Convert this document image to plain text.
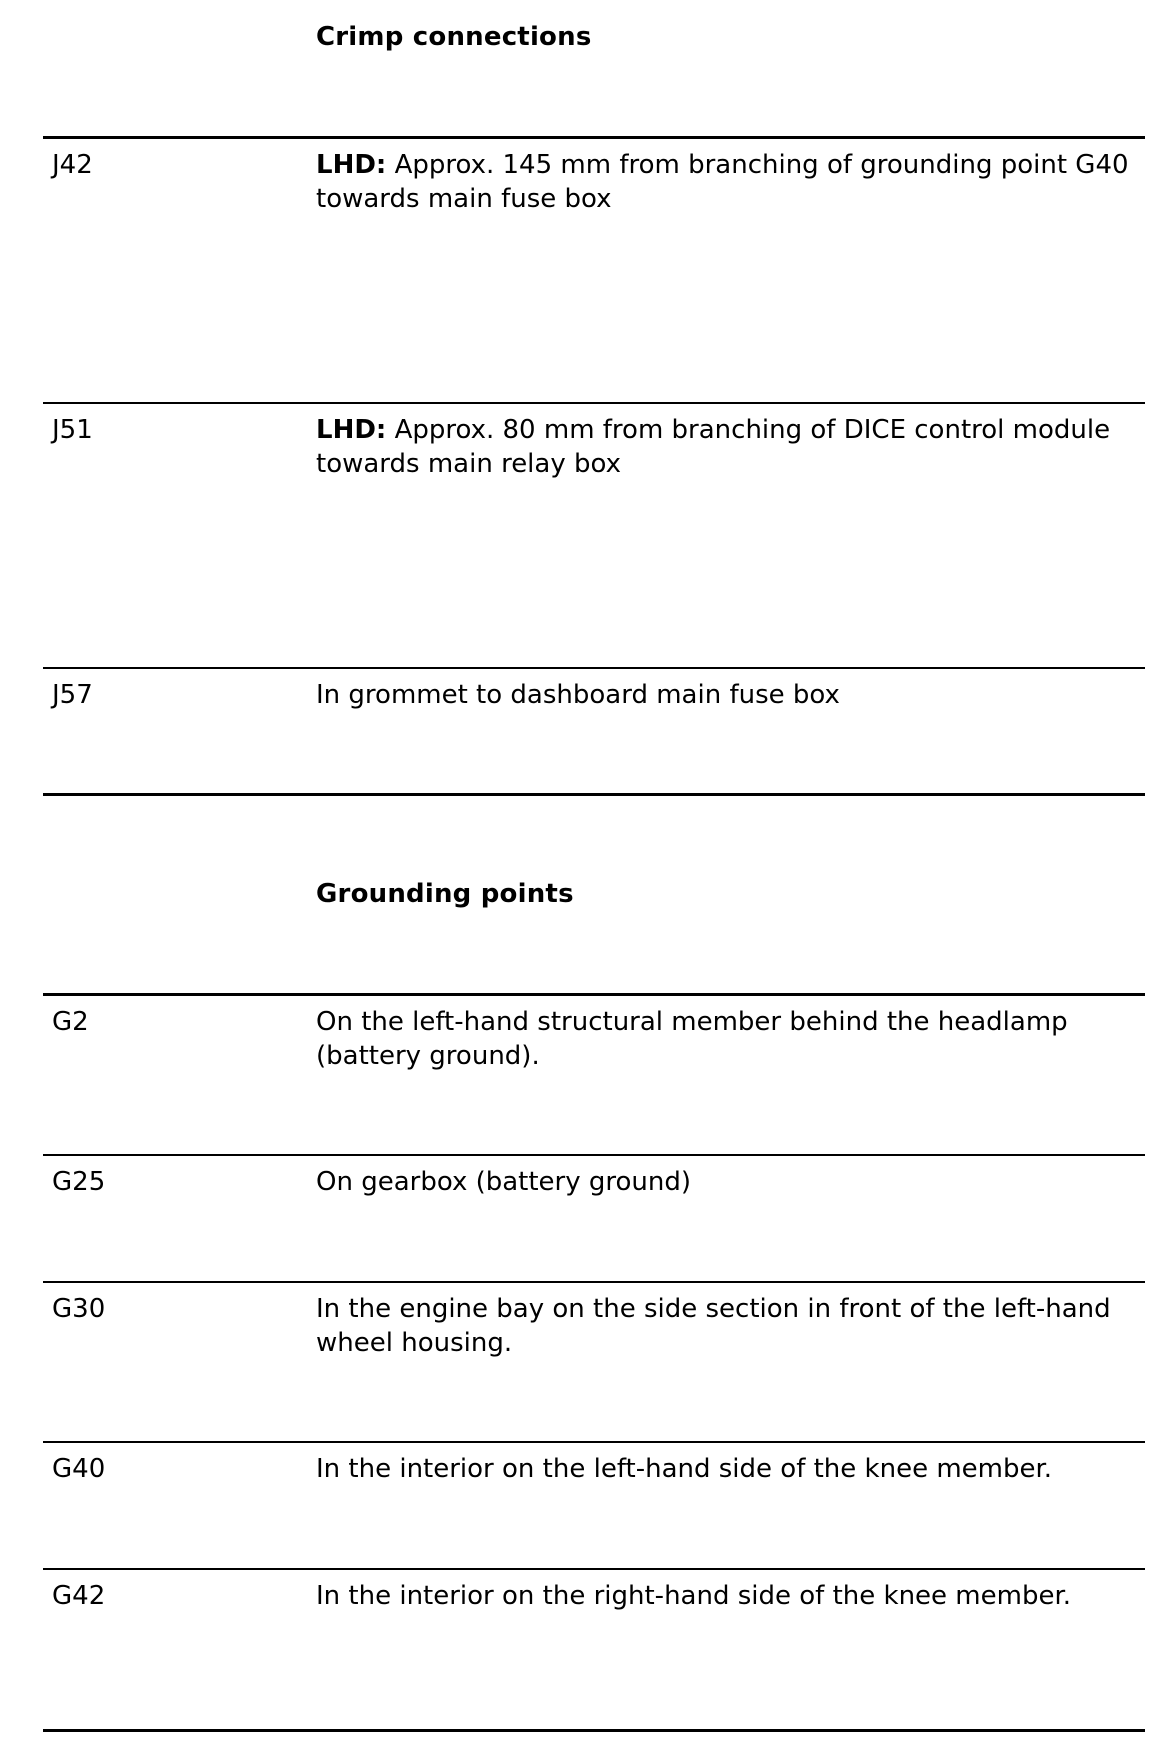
Crimp connections

J42	LHD: Approx. 145 mm from branching of grounding point G40 towards main fuse box

J51	LHD: Approx. 80 mm from branching of DICE control module towards main relay box

J57	In grommet to dashboard main fuse box

Grounding points

G2	On the left-hand structural member behind the headlamp (battery ground).

G25	On gearbox (battery ground)

G30	In the engine bay on the side section in front of the left-hand wheel housing.

G40	In the interior on the left-hand side of the knee member.

G42	In the interior on the right-hand side of the knee member.
